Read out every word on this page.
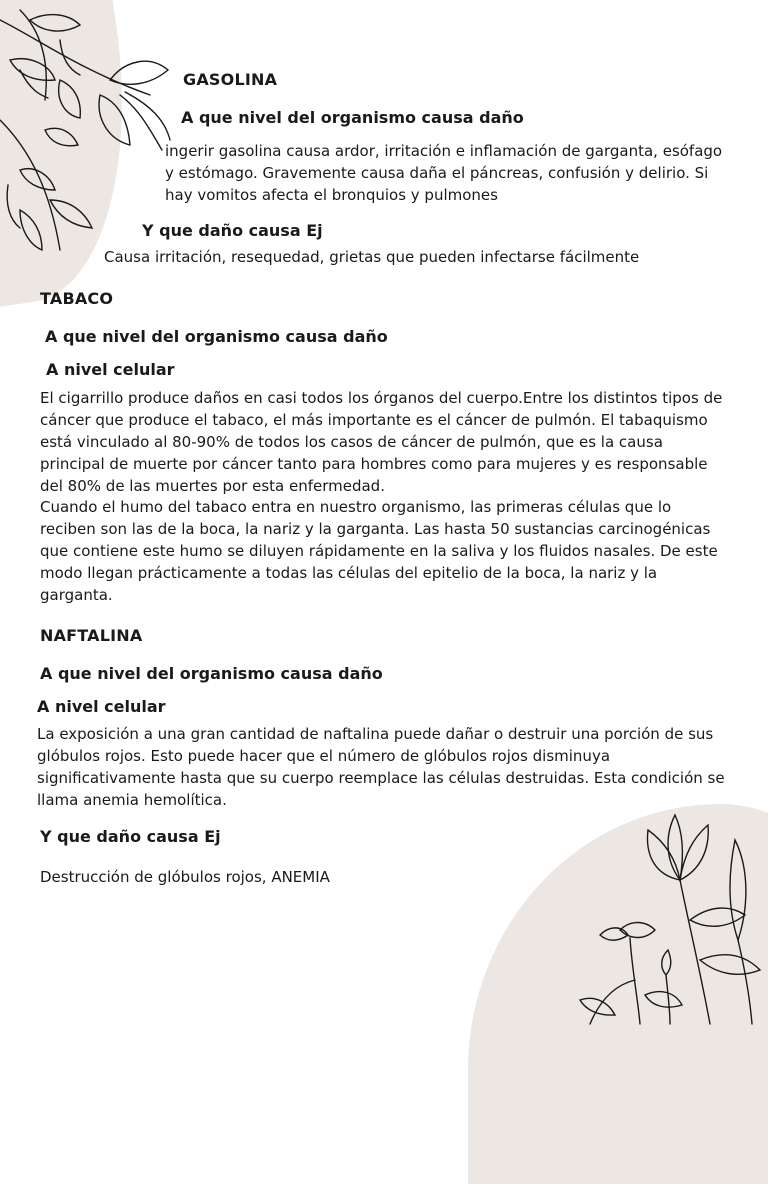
GASOLINA
A que nivel del organismo causa daño

ingerir gasolina causa ardor, irritación e inflamación de garganta, esófago y estómago. Gravemente causa daña el páncreas, confusión y delirio. Si hay vomitos afecta el bronquios y pulmones

Y que daño causa Ej

Causa irritación, resequedad, grietas que pueden infectarse fácilmente

TABACO
A que nivel del organismo causa daño
A nivel celular

El cigarrillo produce daños en casi todos los órganos del cuerpo.Entre los distintos tipos de cáncer que produce el tabaco, el más importante es el cáncer de pulmón. El tabaquismo está vinculado al 80-90% de todos los casos de cáncer de pulmón, que es la causa principal de muerte por cáncer tanto para hombres como para mujeres y es responsable del 80% de las muertes por esta enfermedad.

Cuando el humo del tabaco entra en nuestro organismo, las primeras células que lo reciben son las de la boca, la nariz y la garganta. Las hasta 50 sustancias carcinogénicas que contiene este humo se diluyen rápidamente en la saliva y los fluidos nasales. De este modo llegan prácticamente a todas las células del epitelio de la boca, la nariz y la garganta.

NAFTALINA
A que nivel del organismo causa daño
A nivel celular

La exposición a una gran cantidad de naftalina puede dañar o destruir una porción de sus glóbulos rojos. Esto puede hacer que el número de glóbulos rojos disminuya significativamente hasta que su cuerpo reemplace las células destruidas. Esta condición se llama anemia hemolítica.

Y que daño causa Ej

Destrucción de glóbulos rojos, ANEMIA
